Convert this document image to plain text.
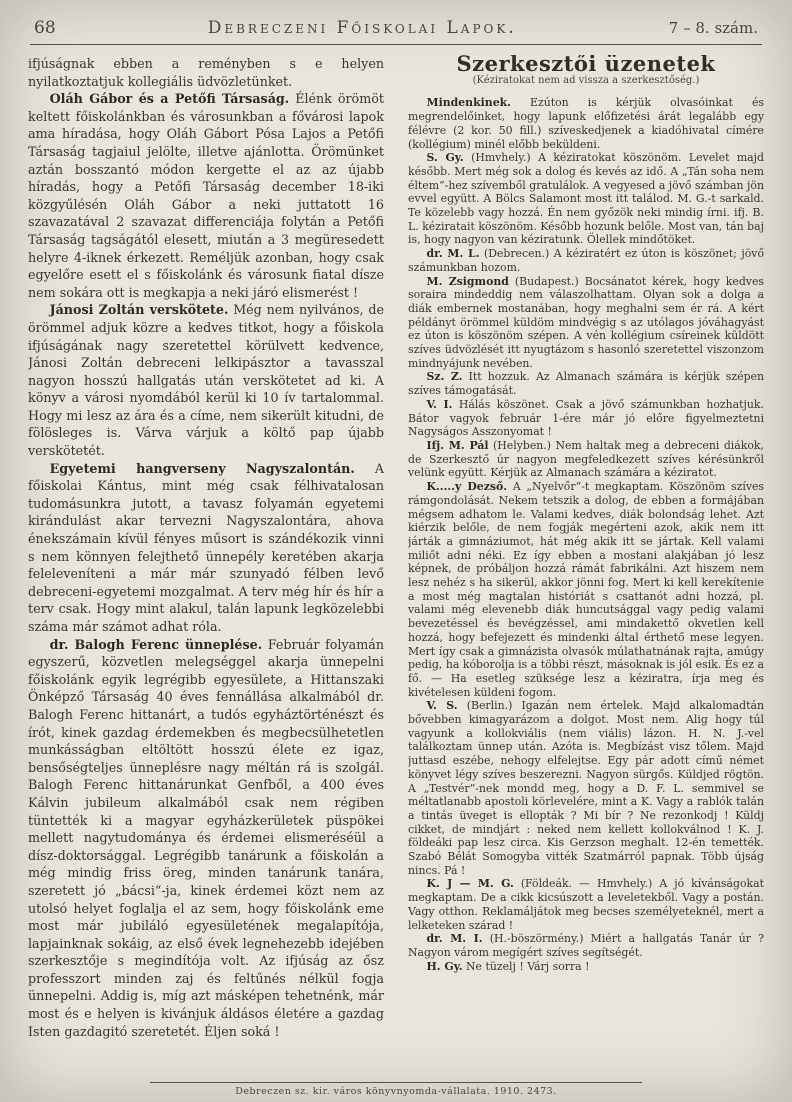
68	Debreczeni Főiskolai Lapok.	7 – 8. szám.

ifjúságnak ebben a reményben s e helyen nyilatkoztatjuk kollegiális üdvözletünket.

Oláh Gábor és a Petőfi Társaság. Élénk örömöt keltett főiskolánkban és városunkban a fővárosi lapok ama híradása, hogy Oláh Gábort Pósa Lajos a Petőfi Társaság tagjaiul jelölte, illetve ajánlotta. Örömünket aztán bosszantó módon kergette el az az újabb híradás, hogy a Petőfi Társaság december 18-iki közgyűlésén Oláh Gábor a neki juttatott 16 szavazatával 2 szavazat differenciája folytán a Petőfi Társaság tagságától elesett, miután a 3 megüresedett helyre 4-iknek érkezett. Reméljük azonban, hogy csak egyelőre esett el s főiskolánk és városunk fiatal dísze nem sokára ott is megkapja a neki járó elismerést !

Jánosi Zoltán verskötete. Még nem nyilvános, de örömmel adjuk közre a kedves titkot, hogy a főiskola ifjúságának nagy szeretettel körülvett kedvence, Jánosi Zoltán debreceni lelkipásztor a tavasszal nagyon hosszú hallgatás után verskötetet ad ki. A könyv a városi nyomdából kerül ki 10 ív tartalommal. Hogy mi lesz az ára és a címe, nem sikerült kitudni, de fölösleges is. Várva várjuk a költő pap újabb verskötetét.

Egyetemi hangverseny Nagyszalontán. A főiskolai Kántus, mint még csak félhivatalosan tudomásunkra jutott, a tavasz folyamán egyetemi kirándulást akar tervezni Nagyszalontára, ahova énekszámain kívül fényes műsort is szándékozik vinni s nem könnyen felejthető ünnepély keretében akarja feleleveníteni a már már szunyadó félben levő debreceni-egyetemi mozgalmat. A terv még hír és hír a terv csak. Hogy mint alakul, talán lapunk legközelebbi száma már számot adhat róla.

dr. Balogh Ferenc ünneplése. Február folyamán egyszerű, közvetlen melegséggel akarja ünnepelni főiskolánk egyik legrégibb egyesülete, a Hittanszaki Önképző Társaság 40 éves fennállása alkalmából dr. Balogh Ferenc hittanárt, a tudós egyháztörténészt és írót, kinek gazdag érdemekben és megbecsülhetetlen munkásságban eltöltött hosszú élete ez igaz, bensőségteljes ünneplésre nagy méltán rá is szolgál. Balogh Ferenc hittanárunkat Genfből, a 400 éves Kálvin jubileum alkalmából csak nem régiben tüntették ki a magyar egyházkerületek püspökei mellett nagytudománya és érdemei elismeréséül a dísz-doktorsággal. Legrégibb tanárunk a főiskolán a még mindig friss öreg, minden tanárunk tanára, szeretett jó „bácsi“-ja, kinek érdemei közt nem az utolsó helyet foglalja el az sem, hogy főiskolánk eme most már jubiláló egyesületének megalapítója, lapjainknak sokáig, az első évek legnehezebb idejében szerkesztője s megindítója volt. Az ifjúság az ősz professzort minden zaj és feltűnés nélkül fogja ünnepelni. Addig is, míg azt másképen tehetnénk, már most és e helyen is kivánjuk áldásos életére a gazdag Isten gazdagitó szeretetét. Éljen soká !

Szerkesztői üzenetek
(Kéziratokat nem ad vissza a szerkesztőség.)

Mindenkinek. Ezúton is kérjük olvasóinkat és megrendelőinket, hogy lapunk előfizetési árát legalább egy félévre (2 kor. 50 fill.) szíveskedjenek a kiadóhivatal címére (kollégium) minél előbb beküldeni.

S. Gy. (Hmvhely.) A kéziratokat köszönöm. Levelet majd később. Mert még sok a dolog és kevés az idő. A „Tán soha nem éltem“-hez szívemből gratulálok. A vegyesed a jövő számban jön evvel együtt. A Bölcs Salamont most itt találod. M. G.-t sarkald. Te közelebb vagy hozzá. Én nem győzök neki mindig írni. ifj. B. L. kéziratait köszönöm. Később hozunk belőle. Most van, tán baj is, hogy nagyon van kéziratunk. Ölellek mindőtöket.

dr. M. L. (Debrecen.) A kéziratért ez úton is köszönet; jövő számunkban hozom.

M. Zsigmond (Budapest.) Bocsánatot kérek, hogy kedves soraira mindeddig nem válaszolhattam. Olyan sok a dolga a diák embernek mostanában, hogy meghalni sem ér rá. A kért példányt örömmel küldöm mindvégig s az utólagos jóváhagyást ez úton is köszönöm szépen. A vén kollégium csíreinek küldött szíves üdvözlését itt nyugtázom s hasonló szeretettel viszonzom mindnyájunk nevében.

Sz. Z. Itt hozzuk. Az Almanach számára is kérjük szépen szíves támogatását.

V. I. Hálás köszönet. Csak a jövő számunkban hozhatjuk. Bátor vagyok február 1-ére már jó előre figyelmeztetni Nagyságos Asszonyomat !

Ifj. M. Pál (Helyben.) Nem haltak meg a debreceni diákok, de Szerkesztő úr nagyon megfeledkezett szíves kérésünkről velünk együtt. Kérjük az Almanach számára a kéziratot.

K.....y Dezső. A „Nyelvőr“-t megkaptam. Köszönöm szíves rámgondolását. Nekem tetszik a dolog, de ebben a formájában mégsem adhatom le. Valami kedves, diák bolondság lehet. Azt kiérzik belőle, de nem fogják megérteni azok, akik nem itt járták a gimnáziumot, hát még akik itt se jártak. Kell valami miliőt adni néki. Ez így ebben a mostani alakjában jó lesz képnek, de próbáljon hozzá rámát fabrikálni. Azt hiszem nem lesz nehéz s ha sikerül, akkor jönni fog. Mert ki kell kerekítenie a most még magtalan históriát s csattanót adni hozzá, pl. valami még elevenebb diák huncutsággal vagy pedig valami bevezetéssel és bevégzéssel, ami mindakettő okvetlen kell hozzá, hogy befejezett és mindenki által érthető mese legyen. Mert így csak a gimnázista olvasók múlathatnának rajta, amúgy pedig, ha kóborolja is a többi részt, másoknak is jól esik. És ez a fő. — Ha esetleg szüksége lesz a kéziratra, írja meg és kivételesen küldeni fogom.

V. S. (Berlin.) Igazán nem értelek. Majd alkalomadtán bővebben kimagyarázom a dolgot. Most nem. Alig hogy túl vagyunk a kollokviális (nem viális) lázon. H. N. J.-vel találkoztam ünnep után. Azóta is. Megbízást visz tőlem. Majd juttasd eszébe, nehogy elfelejtse. Egy pár adott című német könyvet légy szíves beszerezni. Nagyon sürgős. Küldjed rögtön. A „Testvér“-nek mondd meg, hogy a D. F. L. semmivel se méltatlanabb apostoli körlevelére, mint a K. Vagy a rablók talán a tintás üveget is ellopták ? Mi bír ? Ne rezonkodj ! Küldj cikket, de mindjárt : neked nem kellett kollokválnod ! K. J. földeáki pap lesz circa. Kis Gerzson meghalt. 12-én temették. Szabó Bélát Somogyba vitték Szatmárról papnak. Több újság nincs. Pá !

K. J — M. G. (Földeák. — Hmvhely.) A jó kívánságokat megkaptam. De a cikk kicsúszott a leveletekből. Vagy a postán. Vagy otthon. Reklamáljátok meg becses személyeteknél, mert a lelketeken szárad !

dr. M. I. (H.-böszörmény.) Miért a hallgatás Tanár úr ? Nagyon várom megígért szíves segítségét.

H. Gy. Ne tüzelj ! Várj sorra !

Debreczen sz. kir. város könyvnyomda-vállalata. 1910. 2473.
